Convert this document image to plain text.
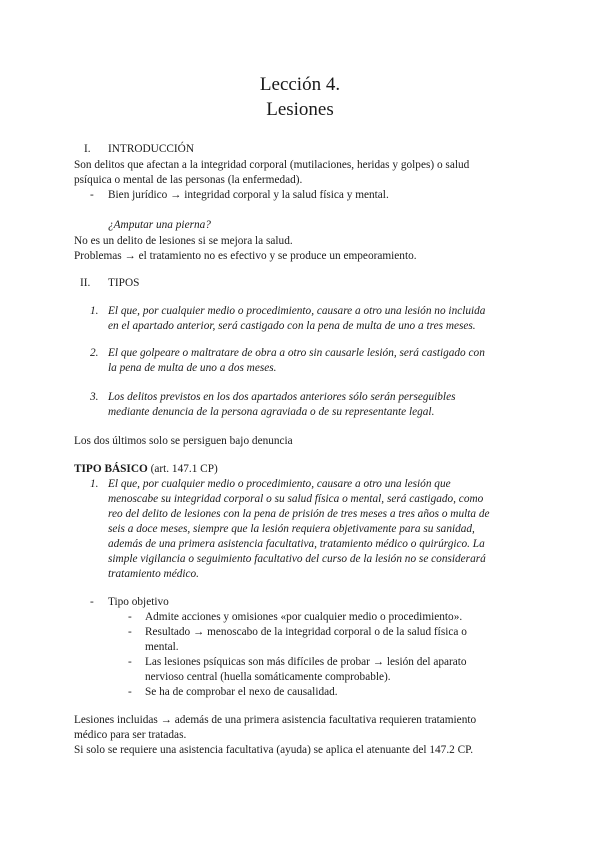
Lección 4.
Lesiones
I. INTRODUCCIÓN
Son delitos que afectan a la integridad corporal (mutilaciones, heridas y golpes) o salud
psíquica o mental de las personas (la enfermedad).
- Bien jurídico → integridad corporal y la salud física y mental.
¿Amputar una pierna?
No es un delito de lesiones si se mejora la salud.
Problemas → el tratamiento no es efectivo y se produce un empeoramiento.
II. TIPOS
1. El que, por cualquier medio o procedimiento, causare a otro una lesión no incluida
en el apartado anterior, será castigado con la pena de multa de uno a tres meses.
2. El que golpeare o maltratare de obra a otro sin causarle lesión, será castigado con
la pena de multa de uno a dos meses.
3. Los delitos previstos en los dos apartados anteriores sólo serán perseguibles
mediante denuncia de la persona agraviada o de su representante legal.
Los dos últimos solo se persiguen bajo denuncia
TIPO BÁSICO (art. 147.1 CP)
1. El que, por cualquier medio o procedimiento, causare a otro una lesión que
menoscabe su integridad corporal o su salud física o mental, será castigado, como
reo del delito de lesiones con la pena de prisión de tres meses a tres años o multa de
seis a doce meses, siempre que la lesión requiera objetivamente para su sanidad,
además de una primera asistencia facultativa, tratamiento médico o quirúrgico. La
simple vigilancia o seguimiento facultativo del curso de la lesión no se considerará
tratamiento médico.
- Tipo objetivo
- Admite acciones y omisiones «por cualquier medio o procedimiento».
- Resultado → menoscabo de la integridad corporal o de la salud física o
mental.
- Las lesiones psíquicas son más difíciles de probar → lesión del aparato
nervioso central (huella somáticamente comprobable).
- Se ha de comprobar el nexo de causalidad.
Lesiones incluidas → además de una primera asistencia facultativa requieren tratamiento
médico para ser tratadas.
Si solo se requiere una asistencia facultativa (ayuda) se aplica el atenuante del 147.2 CP.
